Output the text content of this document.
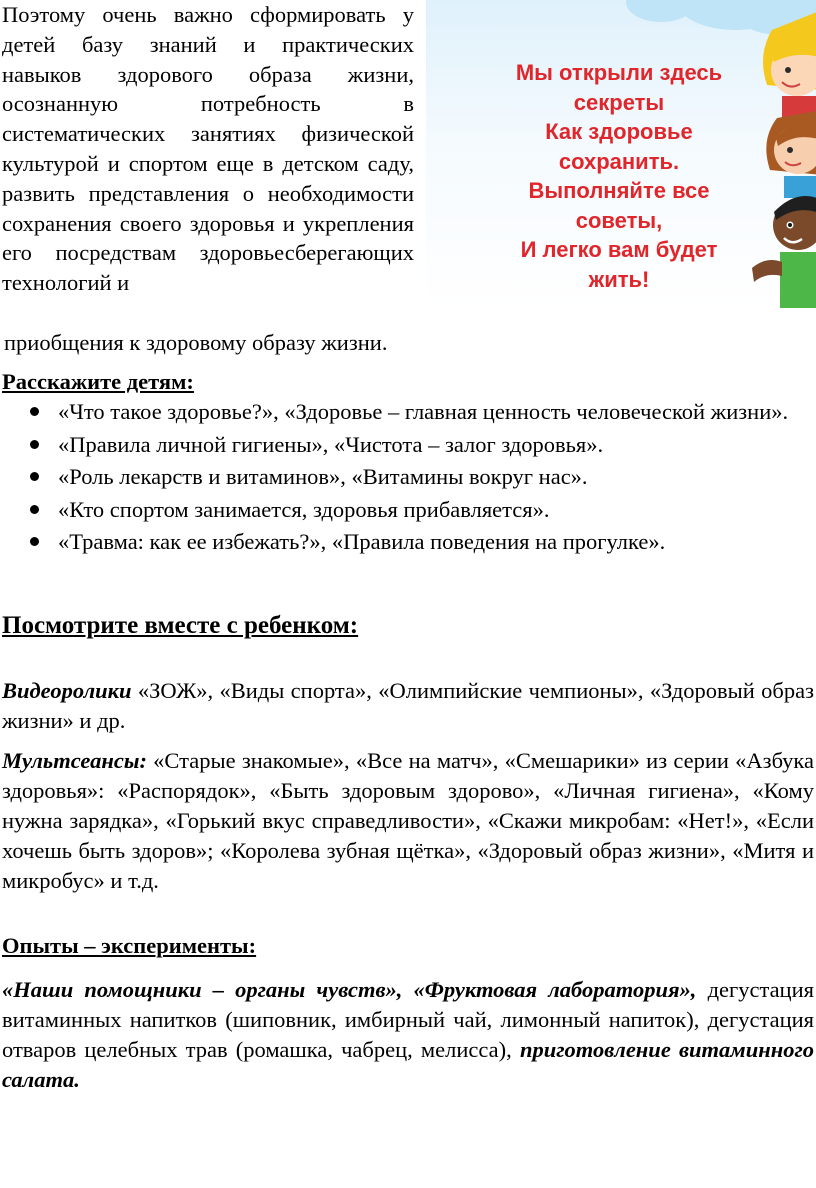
Поэтому очень важно сформировать у детей базу знаний и практических навыков здорового образа жизни, осознанную потребность в систематических занятиях физической культурой и спортом еще в детском саду, развить представления о необходимости сохранения своего здоровья и укрепления его посредствам здоровьесберегающих технологий и
приобщения к здоровому образу жизни.
Мы открыли здесь
секреты
Как здоровье
сохранить.
Выполняйте все
советы,
И легко вам будет
жить!
Расскажите детям:
«Что такое здоровье?», «Здоровье – главная ценность человеческой жизни».
«Правила личной гигиены», «Чистота – залог здоровья».
«Роль лекарств и витаминов», «Витамины вокруг нас».
«Кто спортом занимается, здоровья прибавляется».
«Травма: как ее избежать?», «Правила поведения на прогулке».
Посмотрите вместе с ребенком:
Видеоролики «ЗОЖ», «Виды спорта», «Олимпийские чемпионы», «Здоровый образ жизни» и др.
Мультсеансы: «Старые знакомые», «Все на матч», «Смешарики» из серии «Азбука здоровья»: «Распорядок», «Быть здоровым здорово», «Личная гигиена», «Кому нужна зарядка», «Горький вкус справедливости», «Скажи микробам: «Нет!», «Если хочешь быть здоров»; «Королева зубная щётка», «Здоровый образ жизни», «Митя и микробус» и т.д.
Опыты – эксперименты:
«Наши помощники – органы чувств», «Фруктовая лаборатория», дегустация витаминных напитков (шиповник, имбирный чай, лимонный напиток), дегустация отваров целебных трав (ромашка, чабрец, мелисса), приготовление витаминного салата.
